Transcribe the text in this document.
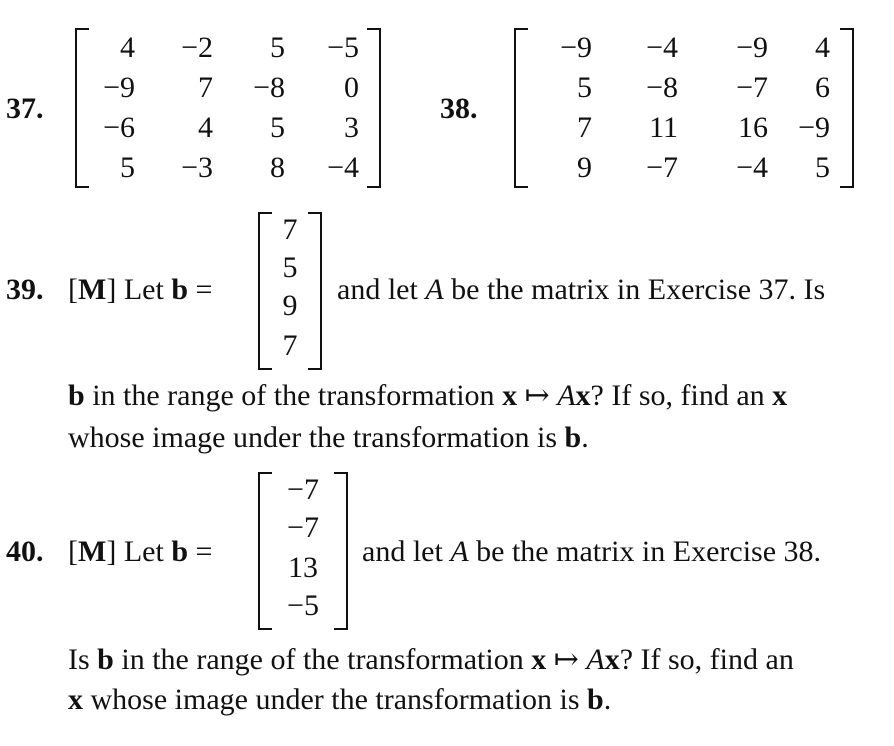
37.
4 −2 5 −5
−9 7 −8 0
−6 4 5 3
5 −3 8 −4
38.
−9 −4 −9 4
5 −8 −7 6
7 11 16 −9
9 −7 −4 5
39.
7
5
9
7
[M] Let b =	and let A be the matrix in Exercise 37. Is
b in the range of the transformation x ↦ Ax? If so, find an x
whose image under the transformation is b.
40. [M] Let b =
−7
−7
13
−5
and let A be the matrix in Exercise 38.
Is b in the range of the transformation x ↦ Ax? If so, find an
x whose image under the transformation is b.
